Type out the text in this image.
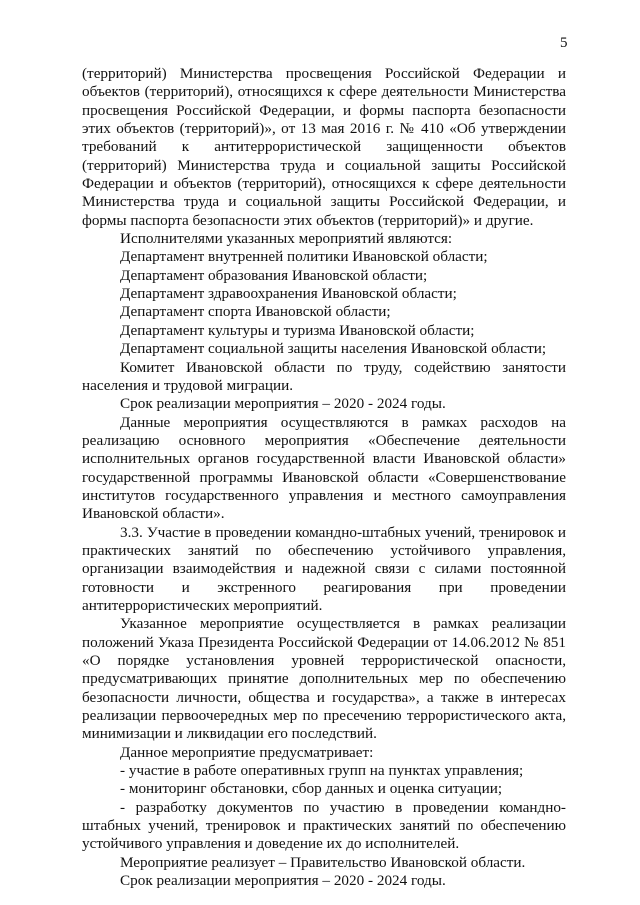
5

(территорий) Министерства просвещения Российской Федерации и объектов (территорий), относящихся к сфере деятельности Министерства просвещения Российской Федерации, и формы паспорта безопасности этих объектов (территорий)», от 13 мая 2016 г. № 410 «Об утверждении требований к антитеррористической защищенности объектов (территорий) Министерства труда и социальной защиты Российской Федерации и объектов (территорий), относящихся к сфере деятельности Министерства труда и социальной защиты Российской Федерации, и формы паспорта безопасности этих объектов (территорий)» и другие.

Исполнителями указанных мероприятий являются:

Департамент внутренней политики Ивановской области;

Департамент образования Ивановской области;

Департамент здравоохранения Ивановской области;

Департамент спорта Ивановской области;

Департамент культуры и туризма Ивановской области;

Департамент социальной защиты населения Ивановской области;

Комитет Ивановской области по труду, содействию занятости населения и трудовой миграции.

Срок реализации мероприятия – 2020 - 2024 годы.

Данные мероприятия осуществляются в рамках расходов на реализацию основного мероприятия «Обеспечение деятельности исполнительных органов государственной власти Ивановской области» государственной программы Ивановской области «Совершенствование институтов государственного управления и местного самоуправления Ивановской области».

3.3. Участие в проведении командно-штабных учений, тренировок и практических занятий по обеспечению устойчивого управления, организации взаимодействия и надежной связи с силами постоянной готовности и экстренного реагирования при проведении антитеррористических мероприятий.

Указанное мероприятие осуществляется в рамках реализации положений Указа Президента Российской Федерации от 14.06.2012 № 851 «О порядке установления уровней террористической опасности, предусматривающих принятие дополнительных мер по обеспечению безопасности личности, общества и государства», а также в интересах реализации первоочередных мер по пресечению террористического акта, минимизации и ликвидации его последствий.

Данное мероприятие предусматривает:

- участие в работе оперативных групп на пунктах управления;

- мониторинг обстановки, сбор данных и оценка ситуации;

- разработку документов по участию в проведении командно-штабных учений, тренировок и практических занятий по обеспечению устойчивого управления и доведение их до исполнителей.

Мероприятие реализует – Правительство Ивановской области.

Срок реализации мероприятия – 2020 - 2024 годы.
